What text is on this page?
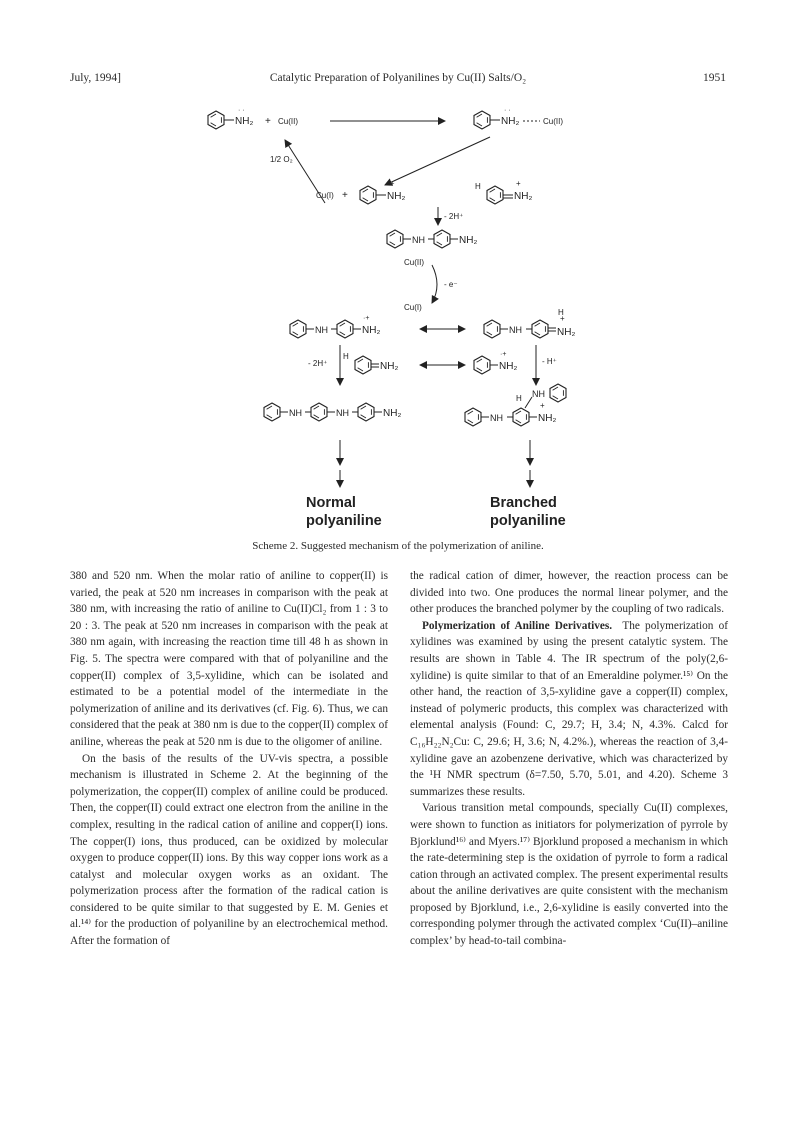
July, 1994]	Catalytic Preparation of Polyanilines by Cu(II) Salts/O₂	1951
NH₂
· ·
+ Cu(II)	NH₂
· ·
Cu(II)
1/2 O₂
Cu(I) +	NH₂
·+	H
NH₂
+
- 2H⁺
NH	NH₂
Cu(II)
- e⁻
Cu(I)
NH	NH₂
·+
NH
H
NH₂
+
- 2H⁺
H
NH₂	NH₂
·+
- H⁺
NH	NH	NH₂	NH
H NH
NH₂
+
Normal
polyaniline
Branched
polyaniline
Scheme 2. Suggested mechanism of the polymerization of aniline.

380 and 520 nm. When the molar ratio of aniline to copper(II) is varied, the peak at 520 nm increases in comparison with the peak at 380 nm, with increasing the ratio of aniline to Cu(II)Cl₂ from 1 : 3 to 20 : 3. The peak at 520 nm increases in comparison with the peak at 380 nm again, with increasing the reaction time till 48 h as shown in Fig. 5. The spectra were compared with that of polyaniline and the copper(II) complex of 3,5-xylidine, which can be isolated and estimated to be a potential model of the intermediate in the polymerization of aniline and its derivatives (cf. Fig. 6). Thus, we can considered that the peak at 380 nm is due to the copper(II) complex of aniline, whereas the peak at 520 nm is due to the oligomer of aniline.

On the basis of the results of the UV-vis spectra, a possible mechanism is illustrated in Scheme 2. At the beginning of the polymerization, the copper(II) complex of aniline could be produced. Then, the copper(II) could extract one electron from the aniline in the complex, resulting in the radical cation of aniline and copper(I) ions. The copper(I) ions, thus produced, can be oxidized by molecular oxygen to produce copper(II) ions. By this way copper ions work as a catalyst and molecular oxygen works as an oxidant. The polymerization process after the formation of the radical cation is considered to be quite similar to that suggested by E. M. Genies et al.¹⁴⁾ for the production of polyaniline by an electrochemical method. After the formation of

the radical cation of dimer, however, the reaction process can be divided into two. One produces the normal linear polymer, and the other produces the branched polymer by the coupling of two radicals.

Polymerization of Aniline Derivatives. The polymerization of xylidines was examined by using the present catalytic system. The results are shown in Table 4. The IR spectrum of the poly(2,6-xylidine) is quite similar to that of an Emeraldine polymer.¹⁵⁾ On the other hand, the reaction of 3,5-xylidine gave a copper(II) complex, instead of polymeric products, this complex was characterized with elemental analysis (Found: C, 29.7; H, 3.4; N, 4.3%. Calcd for C₁₆H₂₂N₂Cu: C, 29.6; H, 3.6; N, 4.2%.), whereas the reaction of 3,4-xylidine gave an azobenzene derivative, which was characterized by the ¹H NMR spectrum (δ=7.50, 5.70, 5.01, and 4.20). Scheme 3 summarizes these results.

Various transition metal compounds, specially Cu(II) complexes, were shown to function as initiators for polymerization of pyrrole by Bjorklund¹⁶⁾ and Myers.¹⁷⁾ Bjorklund proposed a mechanism in which the rate-determining step is the oxidation of pyrrole to form a radical cation through an activated complex. The present experimental results about the aniline derivatives are quite consistent with the mechanism proposed by Bjorklund, i.e., 2,6-xylidine is easily converted into the corresponding polymer through the activated complex ‘Cu(II)–aniline complex’ by head-to-tail combina-
